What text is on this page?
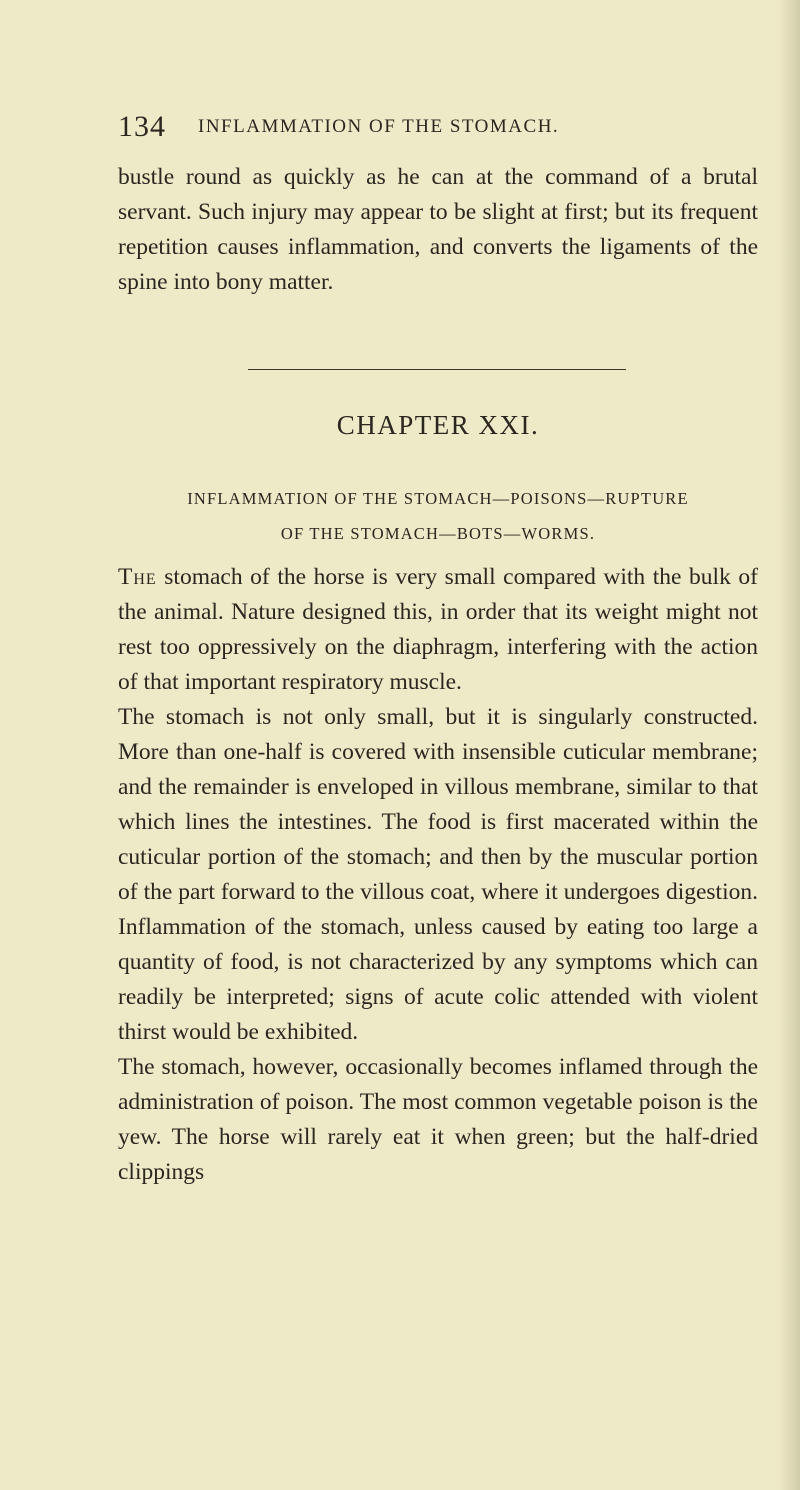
134 INFLAMMATION OF THE STOMACH.

bustle round as quickly as he can at the command of a brutal servant. Such injury may appear to be slight at first; but its frequent repetition causes inflammation, and converts the ligaments of the spine into bony matter.

CHAPTER XXI.
INFLAMMATION OF THE STOMACH—POISONS—RUPTURE
OF THE STOMACH—BOTS—WORMS.

The stomach of the horse is very small compared with the bulk of the animal. Nature designed this, in order that its weight might not rest too oppressively on the diaphragm, interfering with the action of that important respiratory muscle.

The stomach is not only small, but it is singularly constructed. More than one-half is covered with insensible cuticular membrane; and the remainder is enveloped in villous membrane, similar to that which lines the intestines. The food is first macerated within the cuticular portion of the stomach; and then by the muscular portion of the part forward to the villous coat, where it undergoes digestion. Inflammation of the stomach, unless caused by eating too large a quantity of food, is not characterized by any symptoms which can readily be interpreted; signs of acute colic attended with violent thirst would be exhibited.

The stomach, however, occasionally becomes inflamed through the administration of poison. The most common vegetable poison is the yew. The horse will rarely eat it when green; but the half-dried clippings
